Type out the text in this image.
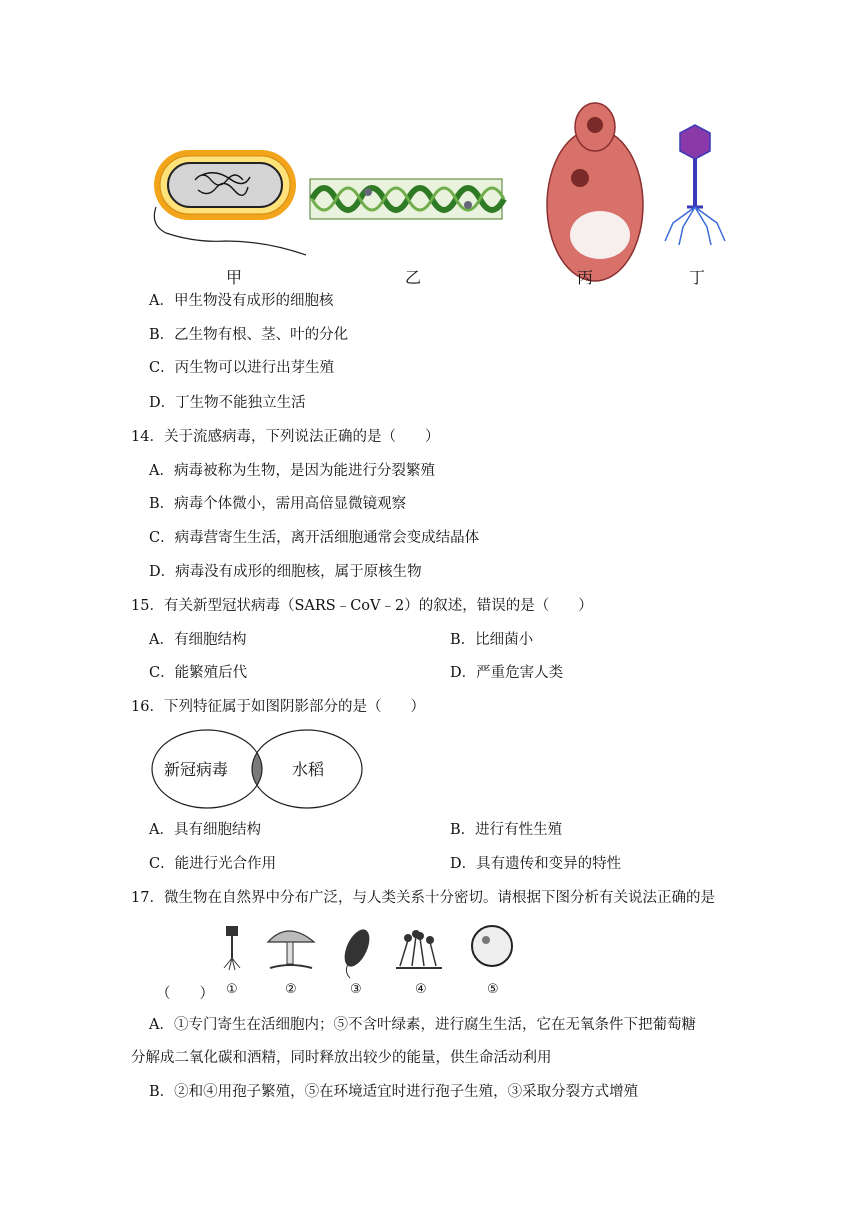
甲	乙	丙	丁
A．甲生物没有成形的细胞核
B．乙生物有根、茎、叶的分化
C．丙生物可以进行出芽生殖
D．丁生物不能独立生活
14．关于流感病毒，下列说法正确的是（　　）
A．病毒被称为生物，是因为能进行分裂繁殖
B．病毒个体微小，需用高倍显微镜观察
C．病毒营寄生生活，离开活细胞通常会变成结晶体
D．病毒没有成形的细胞核，属于原核生物
15．有关新型冠状病毒（SARS﹣CoV﹣2）的叙述，错误的是（　　）
A．有细胞结构	B．比细菌小
C．能繁殖后代	D．严重危害人类
16．下列特征属于如图阴影部分的是（　　）
新冠病毒	水稻
A．具有细胞结构	B．进行有性生殖
C．能进行光合作用	D．具有遗传和变异的特性
17．微生物在自然界中分布广泛，与人类关系十分密切。请根据下图分析有关说法正确的是
①	②	③	④	⑤
（　　）
A．①专门寄生在活细胞内；⑤不含叶绿素，进行腐生生活，它在无氧条件下把葡萄糖
分解成二氧化碳和酒精，同时释放出较少的能量，供生命活动利用
B．②和④用孢子繁殖，⑤在环境适宜时进行孢子生殖，③采取分裂方式增殖
